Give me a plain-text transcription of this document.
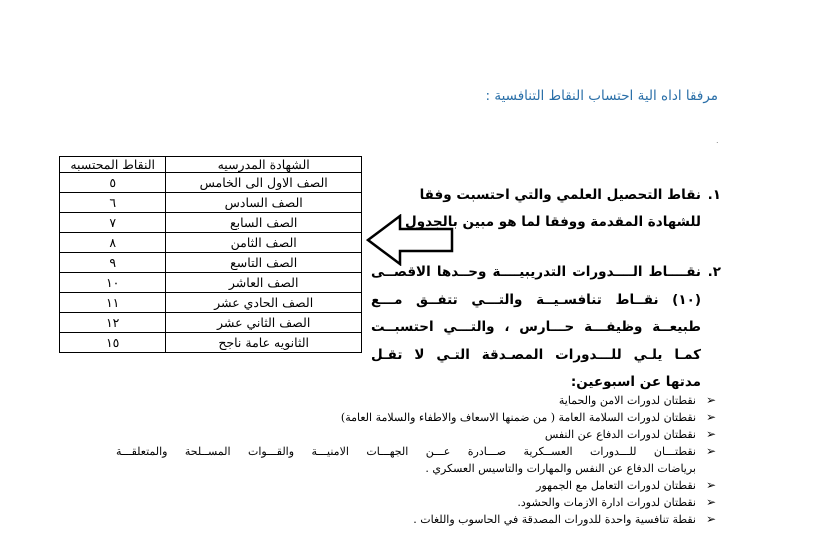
مرفقا اداه الية احتساب النقاط التنافسية :
.
الشهادة المدرسيه	النقاط المحتسبه
الصف الاول الى الخامس	٥
الصف السادس	٦
الصف السابع	٧
الصف الثامن	٨
الصف التاسع	٩
الصف العاشر	١٠
الصف الحادي عشر	١١
الصف الثاني عشر	١٢
الثانويه عامة ناجح	١٥
١.
نقاط التحصيل العلمي والتي احتسبت وفقا
للشهادة المقدمة ووفقا لما هو مبين بالجدول
٢.
نقــــاط الــــدورات التدريبيــــة وحــدها الاقصــى
(١٠) نقــاط تنافسـيــة والتـــي تتفــق مـــع
طبيعــة وظيفـــة حـــارس ، والتـــي احتسبــت
كمـا يلـي للـــدورات المصـدقة التـي لا تقـل
مدتها عن اسبوعين:
➢
نقطتان لدورات الامن والحماية
➢
نقطتان لدورات السلامة العامة ( من ضمنها الاسعاف والاطفاء والسلامة العامة)
➢
نقطتان لدورات الدفاع عن النفس
➢
نقطتـــان للـــدورات العســكرية صـــادرة عـــن الجهـــات الامنيـــة والقـــوات المســلحة والمتعلقـــة
برياضات الدفاع عن النفس والمهارات والتاسيس العسكري .
➢
نقطتان لدورات التعامل مع الجمهور
➢
نقطتان لدورات ادارة الازمات والحشود.
➢
نقطة تنافسية واحدة للدورات المصدقة في الحاسوب واللغات .
